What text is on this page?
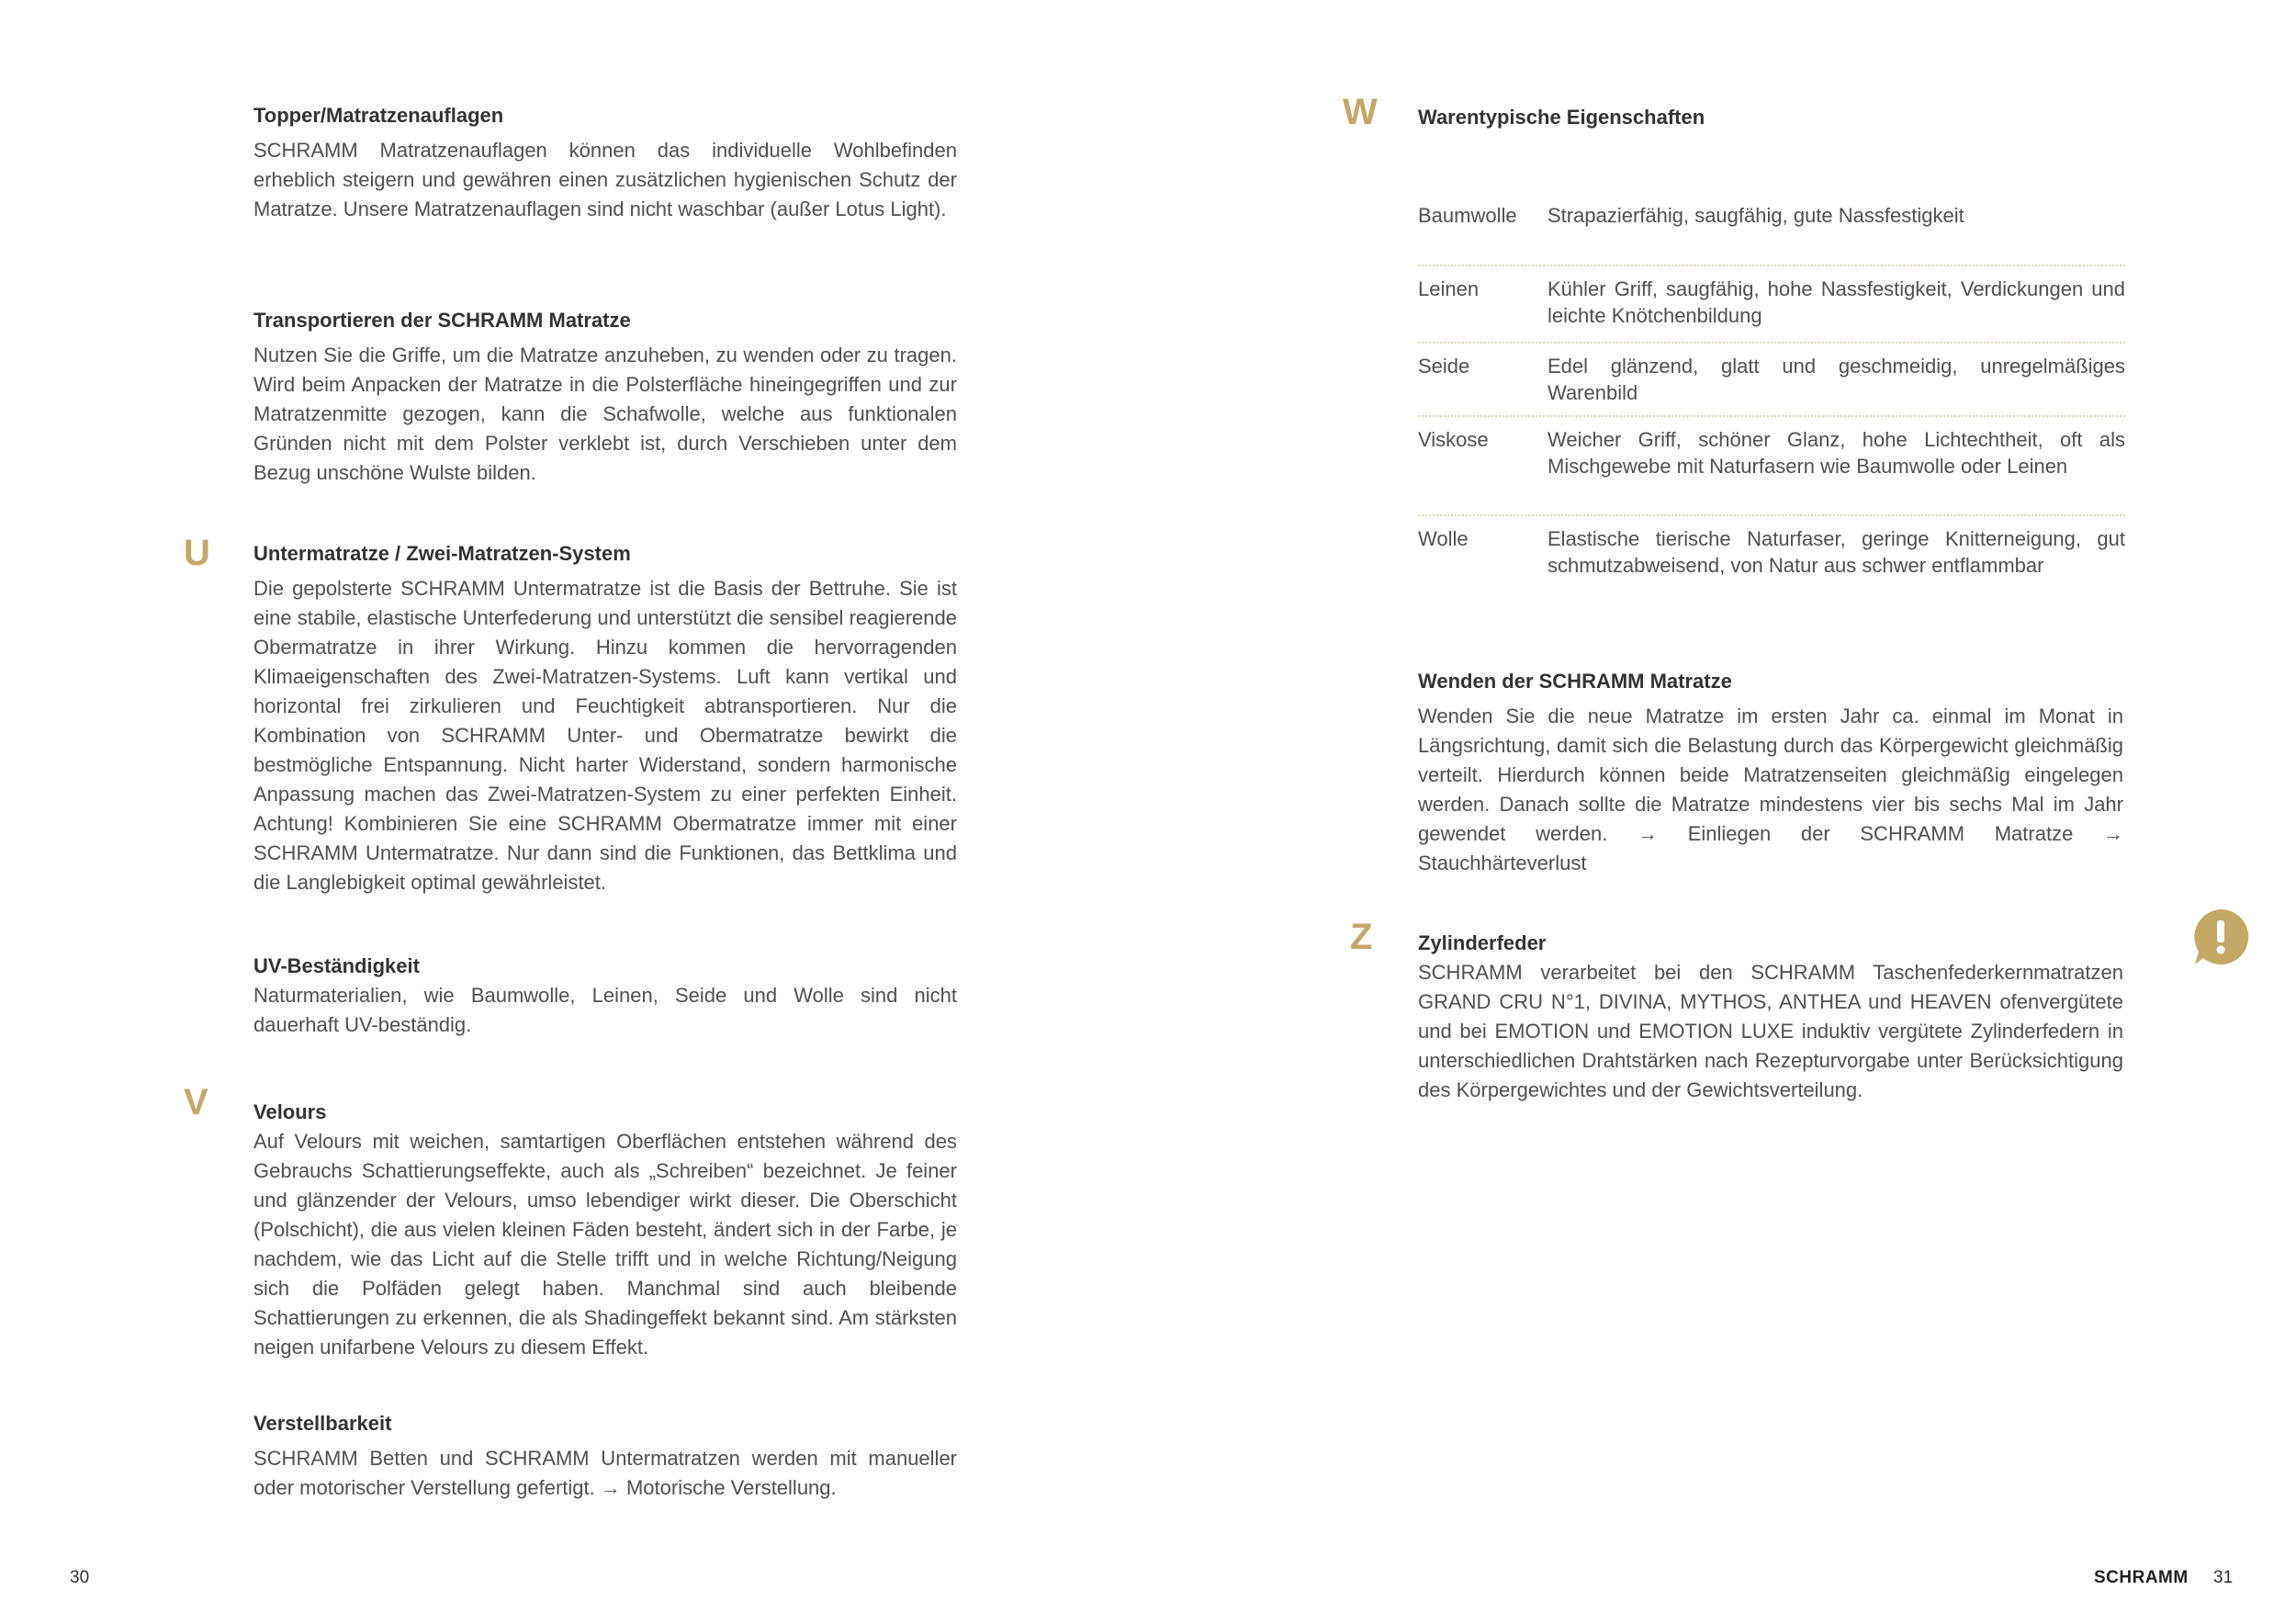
Topper/Matratzenauflagen

SCHRAMM Matratzenauflagen können das individuelle Wohlbefinden erheblich steigern und gewähren einen zusätzlichen hygienischen Schutz der Matratze. Unsere Matratzenauflagen sind nicht waschbar (außer Lotus Light).

Transportieren der SCHRAMM Matratze

Nutzen Sie die Griffe, um die Matratze anzuheben, zu wenden oder zu tragen. Wird beim Anpacken der Matratze in die Polsterfläche hineingegriffen und zur Matratzenmitte gezogen, kann die Schafwolle, welche aus funktionalen Gründen nicht mit dem Polster verklebt ist, durch Verschieben unter dem Bezug unschöne Wulste bilden.

U Untermatratze / Zwei-Matratzen-System

Die gepolsterte SCHRAMM Untermatratze ist die Basis der Bettruhe. Sie ist eine stabile, elastische Unterfederung und unterstützt die sensibel reagierende Obermatratze in ihrer Wirkung. Hinzu kommen die hervorragenden Klimaeigenschaften des Zwei-Matratzen-Systems. Luft kann vertikal und horizontal frei zirkulieren und Feuchtigkeit abtransportieren. Nur die Kombination von SCHRAMM Unter- und Obermatratze bewirkt die bestmögliche Entspannung. Nicht harter Widerstand, sondern harmonische Anpassung machen das Zwei-Matratzen-System zu einer perfekten Einheit. Achtung! Kombinieren Sie eine SCHRAMM Obermatratze immer mit einer SCHRAMM Untermatratze. Nur dann sind die Funktionen, das Bettklima und die Langlebigkeit optimal gewährleistet.

UV-Beständigkeit

Naturmaterialien, wie Baumwolle, Leinen, Seide und Wolle sind nicht dauerhaft UV-beständig.

V Velours

Auf Velours mit weichen, samtartigen Oberflächen entstehen während des Gebrauchs Schattierungseffekte, auch als „Schreiben“ bezeichnet. Je feiner und glänzender der Velours, umso lebendiger wirkt dieser. Die Oberschicht (Polschicht), die aus vielen kleinen Fäden besteht, ändert sich in der Farbe, je nachdem, wie das Licht auf die Stelle trifft und in welche Richtung/Neigung sich die Polfäden gelegt haben. Manchmal sind auch bleibende Schattierungen zu erkennen, die als Shadingeffekt bekannt sind. Am stärksten neigen unifarbene Velours zu diesem Effekt.

Verstellbarkeit

SCHRAMM Betten und SCHRAMM Untermatratzen werden mit manueller oder motorischer Verstellung gefertigt. → Motorische Verstellung.

30
W Warentypische Eigenschaften
Baumwolle	Strapazierfähig, saugfähig, gute Nassfestigkeit
Leinen	Kühler Griff, saugfähig, hohe Nassfestigkeit, Verdickungen und leichte Knötchenbildung
Seide	Edel glänzend, glatt und geschmeidig, unregelmäßiges Warenbild
Viskose	Weicher Griff, schöner Glanz, hohe Lichtechtheit, oft als Mischgewebe mit Naturfasern wie Baumwolle oder Leinen
Wolle	Elastische tierische Naturfaser, geringe Knitterneigung, gut schmutzabweisend, von Natur aus schwer entflammbar
Wenden der SCHRAMM Matratze

Wenden Sie die neue Matratze im ersten Jahr ca. einmal im Monat in Längsrichtung, damit sich die Belastung durch das Körpergewicht gleichmäßig verteilt. Hierdurch können beide Matratzenseiten gleichmäßig eingelegen werden. Danach sollte die Matratze mindestens vier bis sechs Mal im Jahr gewendet werden. → Einliegen der SCHRAMM Matratze → Stauchhärteverlust

Z Zylinderfeder

SCHRAMM verarbeitet bei den SCHRAMM Taschenfederkernmatratzen GRAND CRU N°1, DIVINA, MYTHOS, ANTHEA und HEAVEN ofenvergütete und bei EMOTION und EMOTION LUXE induktiv vergütete Zylinderfedern in unterschiedlichen Drahtstärken nach Rezepturvorgabe unter Berücksichtigung des Körpergewichtes und der Gewichtsverteilung.

SCHRAMM 31
